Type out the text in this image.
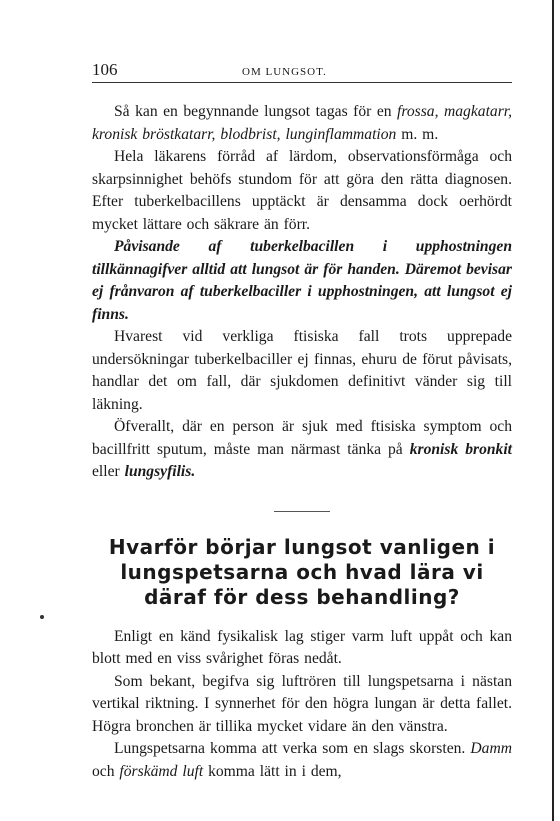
106	OM LUNGSOT.

Så kan en begynnande lungsot tagas för en frossa, magkatarr, kronisk bröstkatarr, blodbrist, lunginflammation m. m.

Hela läkarens förråd af lärdom, observationsförmåga och skarpsinnighet behöfs stundom för att göra den rätta diagnosen. Efter tuberkelbacillens upptäckt är densamma dock oerhördt mycket lättare och säkrare än förr.

Påvisande af tuberkelbacillen i upphostningen tillkännagifver alltid att lungsot är för handen. Däremot bevisar ej frånvaron af tuberkelbaciller i upphostningen, att lungsot ej finns.

Hvarest vid verkliga ftisiska fall trots upprepade undersökningar tuberkelbaciller ej finnas, ehuru de förut påvisats, handlar det om fall, där sjukdomen definitivt vänder sig till läkning.

Öfverallt, där en person är sjuk med ftisiska symptom och bacillfritt sputum, måste man närmast tänka på kronisk bronkit eller lungsyfilis.

Hvarför börjar lungsot vanligen i lungspetsarna och hvad lära vi däraf för dess behandling?

Enligt en känd fysikalisk lag stiger varm luft uppåt och kan blott med en viss svårighet föras nedåt.

Som bekant, begifva sig luftrören till lungspetsarna i nästan vertikal riktning. I synnerhet för den högra lungan är detta fallet. Högra bronchen är tillika mycket vidare än den vänstra.

Lungspetsarna komma att verka som en slags skorsten. Damm och förskämd luft komma lätt in i dem,
